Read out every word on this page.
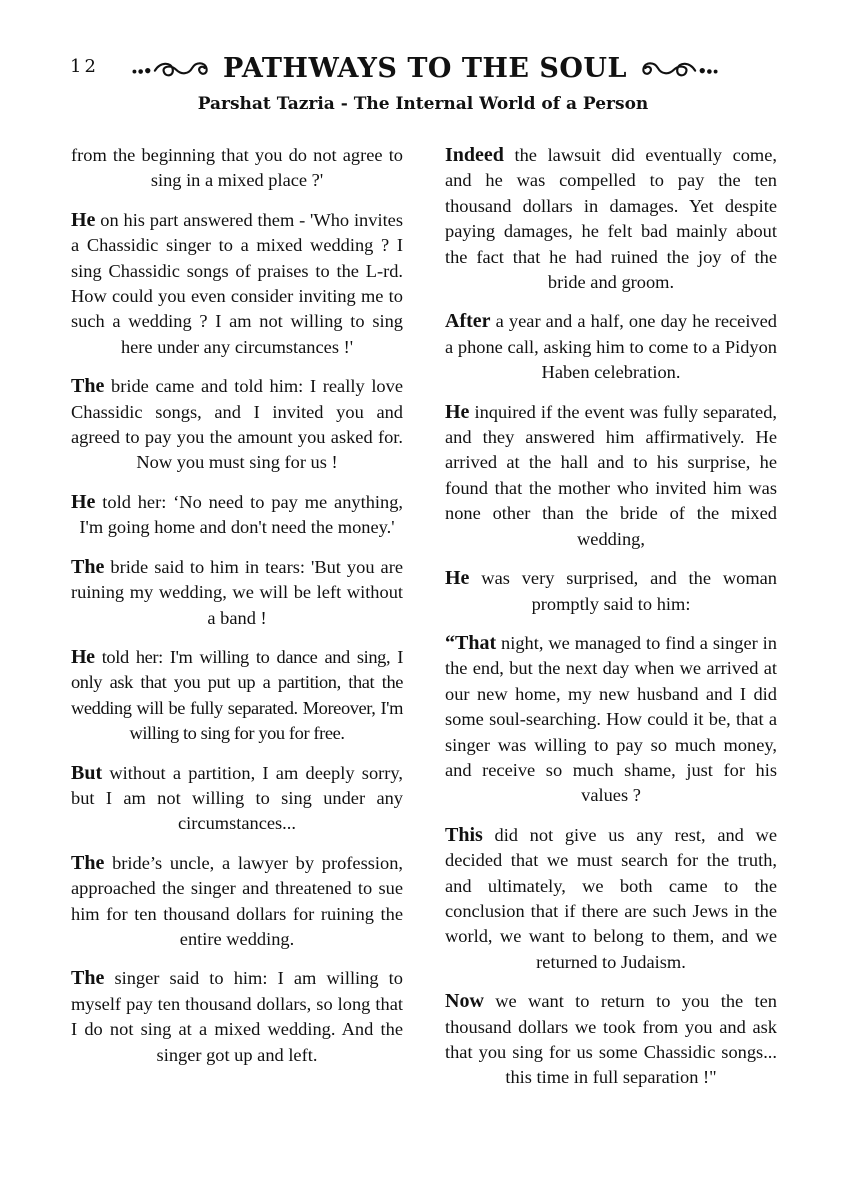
12	PATHWAYS TO THE SOUL
Parshat Tazria - The Internal World of a Person

from the beginning that you do not agree to sing in a mixed place ?'

He on his part answered them - 'Who invites a Chassidic singer to a mixed wedding ? I sing Chassidic songs of praises to the L-rd. How could you even consider inviting me to such a wedding ? I am not willing to sing here under any circumstances !'

The bride came and told him: I really love Chassidic songs, and I invited you and agreed to pay you the amount you asked for. Now you must sing for us !

He told her: ‘No need to pay me anything, I'm going home and don't need the money.'

The bride said to him in tears: 'But you are ruining my wedding, we will be left without a band !

He told her: I'm willing to dance and sing, I only ask that you put up a partition, that the wedding will be fully separated. Moreover, I'm willing to sing for you for free.

But without a partition, I am deeply sorry, but I am not willing to sing under any circumstances...

The bride’s uncle, a lawyer by profession, approached the singer and threatened to sue him for ten thousand dollars for ruining the entire wedding.

The singer said to him: I am willing to myself pay ten thousand dollars, so long that I do not sing at a mixed wedding. And the singer got up and left.

Indeed the lawsuit did eventually come, and he was compelled to pay the ten thousand dollars in damages. Yet despite paying damages, he felt bad mainly about the fact that he had ruined the joy of the bride and groom.

After a year and a half, one day he received a phone call, asking him to come to a Pidyon Haben celebration.

He inquired if the event was fully separated, and they answered him affirmatively. He arrived at the hall and to his surprise, he found that the mother who invited him was none other than the bride of the mixed wedding,

He was very surprised, and the woman promptly said to him:

“That night, we managed to find a singer in the end, but the next day when we arrived at our new home, my new husband and I did some soul-searching. How could it be, that a singer was willing to pay so much money, and receive so much shame, just for his values ?

This did not give us any rest, and we decided that we must search for the truth, and ultimately, we both came to the conclusion that if there are such Jews in the world, we want to belong to them, and we returned to Judaism.

Now we want to return to you the ten thousand dollars we took from you and ask that you sing for us some Chassidic songs... this time in full separation !"
